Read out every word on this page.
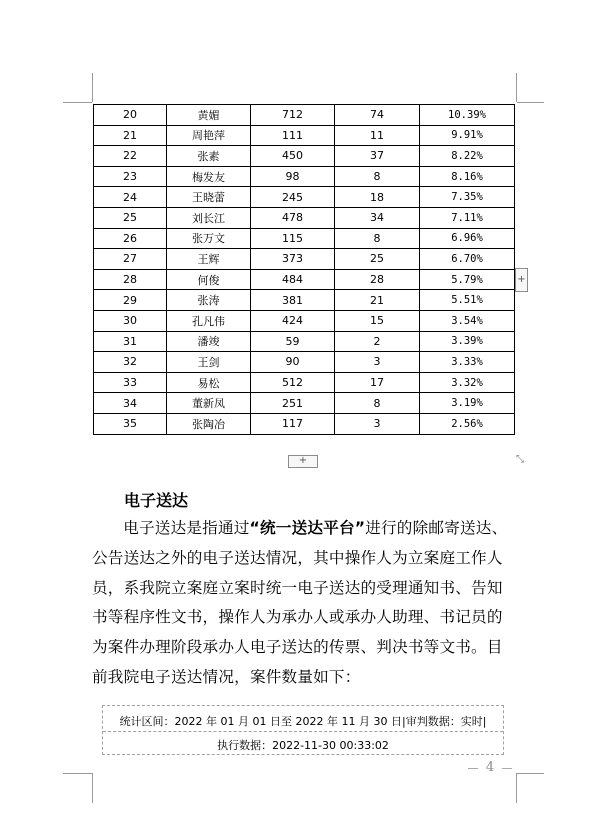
20	黄媚	712	74	10.39%
21	周艳萍	111	11	9.91%
22	张素	450	37	8.22%
23	梅发友	98	8	8.16%
24	王晓蕾	245	18	7.35%
25	刘长江	478	34	7.11%
26	张万文	115	8	6.96%
27	王辉	373	25	6.70%
28	何俊	484	28	5.79%
29	张涛	381	21	5.51%
30	孔凡伟	424	15	3.54%
31	潘竣	59	2	3.39%
32	王剑	90	3	3.33%
33	易松	512	17	3.32%
34	董新凤	251	8	3.19%
35	张陶冶	117	3	2.56%
+
+
⤡
电子送达

电子送达是指通过“统一送达平台”进行的除邮寄送达、公告送达之外的电子送达情况，其中操作人为立案庭工作人员，系我院立案庭立案时统一电子送达的受理通知书、告知书等程序性文书，操作人为承办人或承办人助理、书记员的为案件办理阶段承办人电子送达的传票、判决书等文书。目前我院电子送达情况，案件数量如下：

统计区间：2022 年 01 月 01 日至 2022 年 11 月 30 日|审判数据：实时|
执行数据：2022-11-30 00:33:02
4
